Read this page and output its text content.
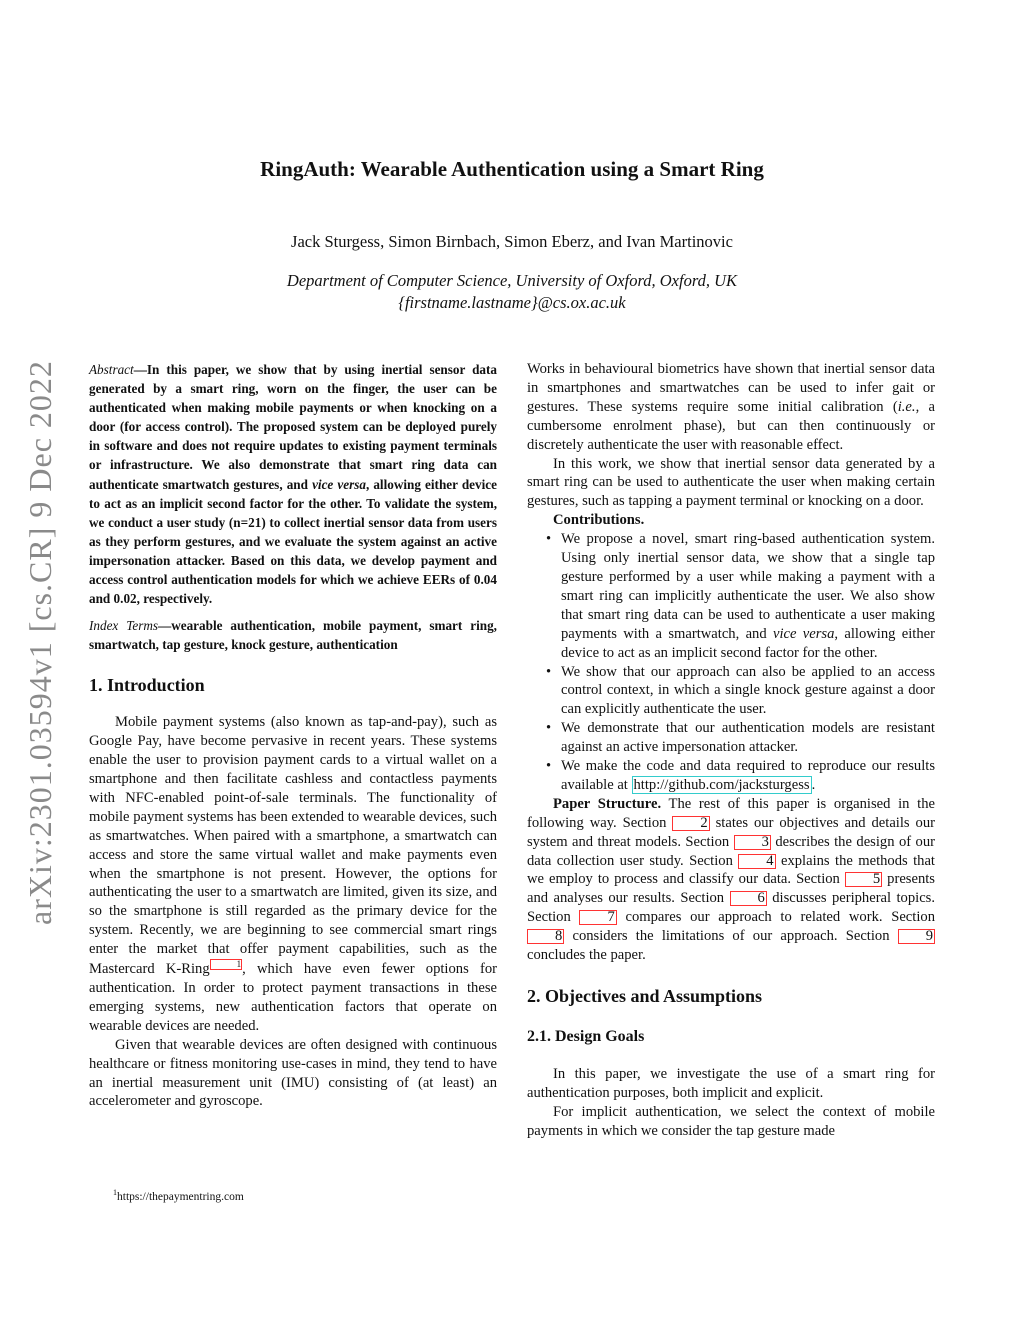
arXiv:2301.03594v1 [cs.CR] 9 Dec 2022
RingAuth: Wearable Authentication using a Smart Ring
Jack Sturgess, Simon Birnbach, Simon Eberz, and Ivan Martinovic
Department of Computer Science, University of Oxford, Oxford, UK
{firstname.lastname}@cs.ox.ac.uk

Abstract—In this paper, we show that by using inertial sensor data generated by a smart ring, worn on the finger, the user can be authenticated when making mobile payments or when knocking on a door (for access control). The proposed system can be deployed purely in software and does not require updates to existing payment terminals or infrastructure. We also demonstrate that smart ring data can authenticate smartwatch gestures, and vice versa, allowing either device to act as an implicit second factor for the other. To validate the system, we conduct a user study (n=21) to collect inertial sensor data from users as they perform gestures, and we evaluate the system against an active impersonation attacker. Based on this data, we develop payment and access control authentication models for which we achieve EERs of 0.04 and 0.02, respectively.

Index Terms—wearable authentication, mobile payment, smart ring, smartwatch, tap gesture, knock gesture, authentication

1. Introduction

Mobile payment systems (also known as tap-and-pay), such as Google Pay, have become pervasive in recent years. These systems enable the user to provision payment cards to a virtual wallet on a smartphone and then facilitate cashless and contactless payments with NFC-enabled point-of-sale terminals. The functionality of mobile payment systems has been extended to wearable devices, such as smartwatches. When paired with a smartphone, a smartwatch can access and store the same virtual wallet and make payments even when the smartphone is not present. However, the options for authenticating the user to a smartwatch are limited, given its size, and so the smartphone is still regarded as the primary device for the system. Recently, we are beginning to see commercial smart rings enter the market that offer payment capabilities, such as the Mastercard K-Ring	1, which have even fewer options for authentication. In order to protect payment transactions in these emerging systems, new authentication factors that operate on wearable devices are needed.

Given that wearable devices are often designed with continuous healthcare or fitness monitoring use-cases in mind, they tend to have an inertial measurement unit (IMU) consisting of (at least) an accelerometer and gyroscope.

$^1$https://thepaymentring.com

Works in behavioural biometrics have shown that inertial sensor data in smartphones and smartwatches can be used to infer gait or gestures. These systems require some initial calibration (i.e., a cumbersome enrolment phase), but can then continuously or discretely authenticate the user with reasonable effect.

In this work, we show that inertial sensor data generated by a smart ring can be used to authenticate the user when making certain gestures, such as tapping a payment terminal or knocking on a door.

Contributions.

• We propose a novel, smart ring-based authentication system. Using only inertial sensor data, we show that a single tap gesture performed by a user while making a payment with a smart ring can implicitly authenticate the user. We also show that smart ring data can be used to authenticate a user making payments with a smartwatch, and vice versa, allowing either device to act as an implicit second factor for the other.
• We show that our approach can also be applied to an access control context, in which a single knock gesture against a door can explicitly authenticate the user.
• We demonstrate that our authentication models are resistant against an active impersonation attacker.
• We make the code and data required to reproduce our results available at http://github.com/jacksturgess .

Paper Structure. The rest of this paper is organised in the following way. Section 2 states our objectives and details our system and threat models. Section 3 describes the design of our data collection user study. Section 4 explains the methods that we employ to process and classify our data. Section 5 presents and analyses our results. Section 6 discusses peripheral topics. Section 7 compares our approach to related work. Section 8 considers the limitations of our approach. Section 9 concludes the paper.

2. Objectives and Assumptions
2.1. Design Goals

In this paper, we investigate the use of a smart ring for authentication purposes, both implicit and explicit.

For implicit authentication, we select the context of mobile payments in which we consider the tap gesture made
